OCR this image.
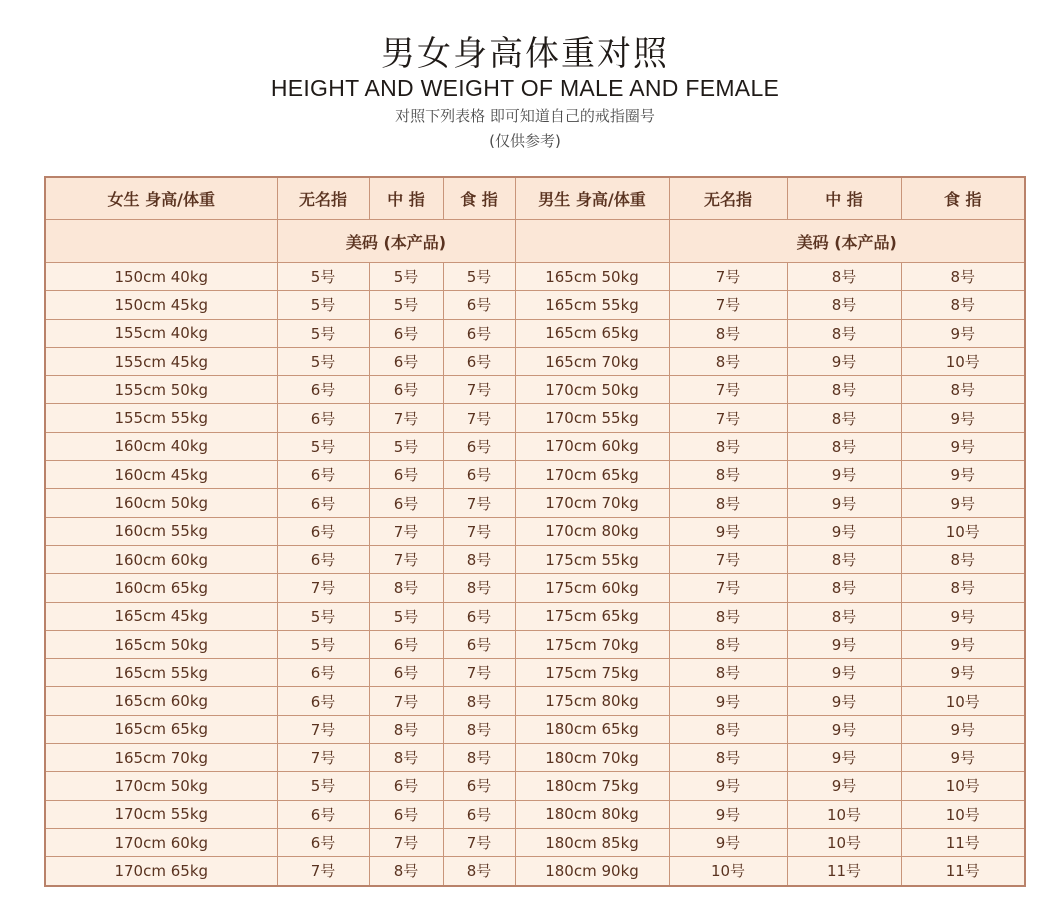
男女身高体重对照
HEIGHT AND WEIGHT OF MALE AND FEMALE
对照下列表格 即可知道自己的戒指圈号
(仅供参考)
女生 身高/体重	无名指	中 指	食 指	男生 身高/体重	无名指	中 指	食 指
	美码 (本产品)				美码 (本产品)		
150cm 40kg	5号	5号	5号	165cm 50kg	7号	8号	8号
150cm 45kg	5号	5号	6号	165cm 55kg	7号	8号	8号
155cm 40kg	5号	6号	6号	165cm 65kg	8号	8号	9号
155cm 45kg	5号	6号	6号	165cm 70kg	8号	9号	10号
155cm 50kg	6号	6号	7号	170cm 50kg	7号	8号	8号
155cm 55kg	6号	7号	7号	170cm 55kg	7号	8号	9号
160cm 40kg	5号	5号	6号	170cm 60kg	8号	8号	9号
160cm 45kg	6号	6号	6号	170cm 65kg	8号	9号	9号
160cm 50kg	6号	6号	7号	170cm 70kg	8号	9号	9号
160cm 55kg	6号	7号	7号	170cm 80kg	9号	9号	10号
160cm 60kg	6号	7号	8号	175cm 55kg	7号	8号	8号
160cm 65kg	7号	8号	8号	175cm 60kg	7号	8号	8号
165cm 45kg	5号	5号	6号	175cm 65kg	8号	8号	9号
165cm 50kg	5号	6号	6号	175cm 70kg	8号	9号	9号
165cm 55kg	6号	6号	7号	175cm 75kg	8号	9号	9号
165cm 60kg	6号	7号	8号	175cm 80kg	9号	9号	10号
165cm 65kg	7号	8号	8号	180cm 65kg	8号	9号	9号
165cm 70kg	7号	8号	8号	180cm 70kg	8号	9号	9号
170cm 50kg	5号	6号	6号	180cm 75kg	9号	9号	10号
170cm 55kg	6号	6号	6号	180cm 80kg	9号	10号	10号
170cm 60kg	6号	7号	7号	180cm 85kg	9号	10号	11号
170cm 65kg	7号	8号	8号	180cm 90kg	10号	11号	11号
